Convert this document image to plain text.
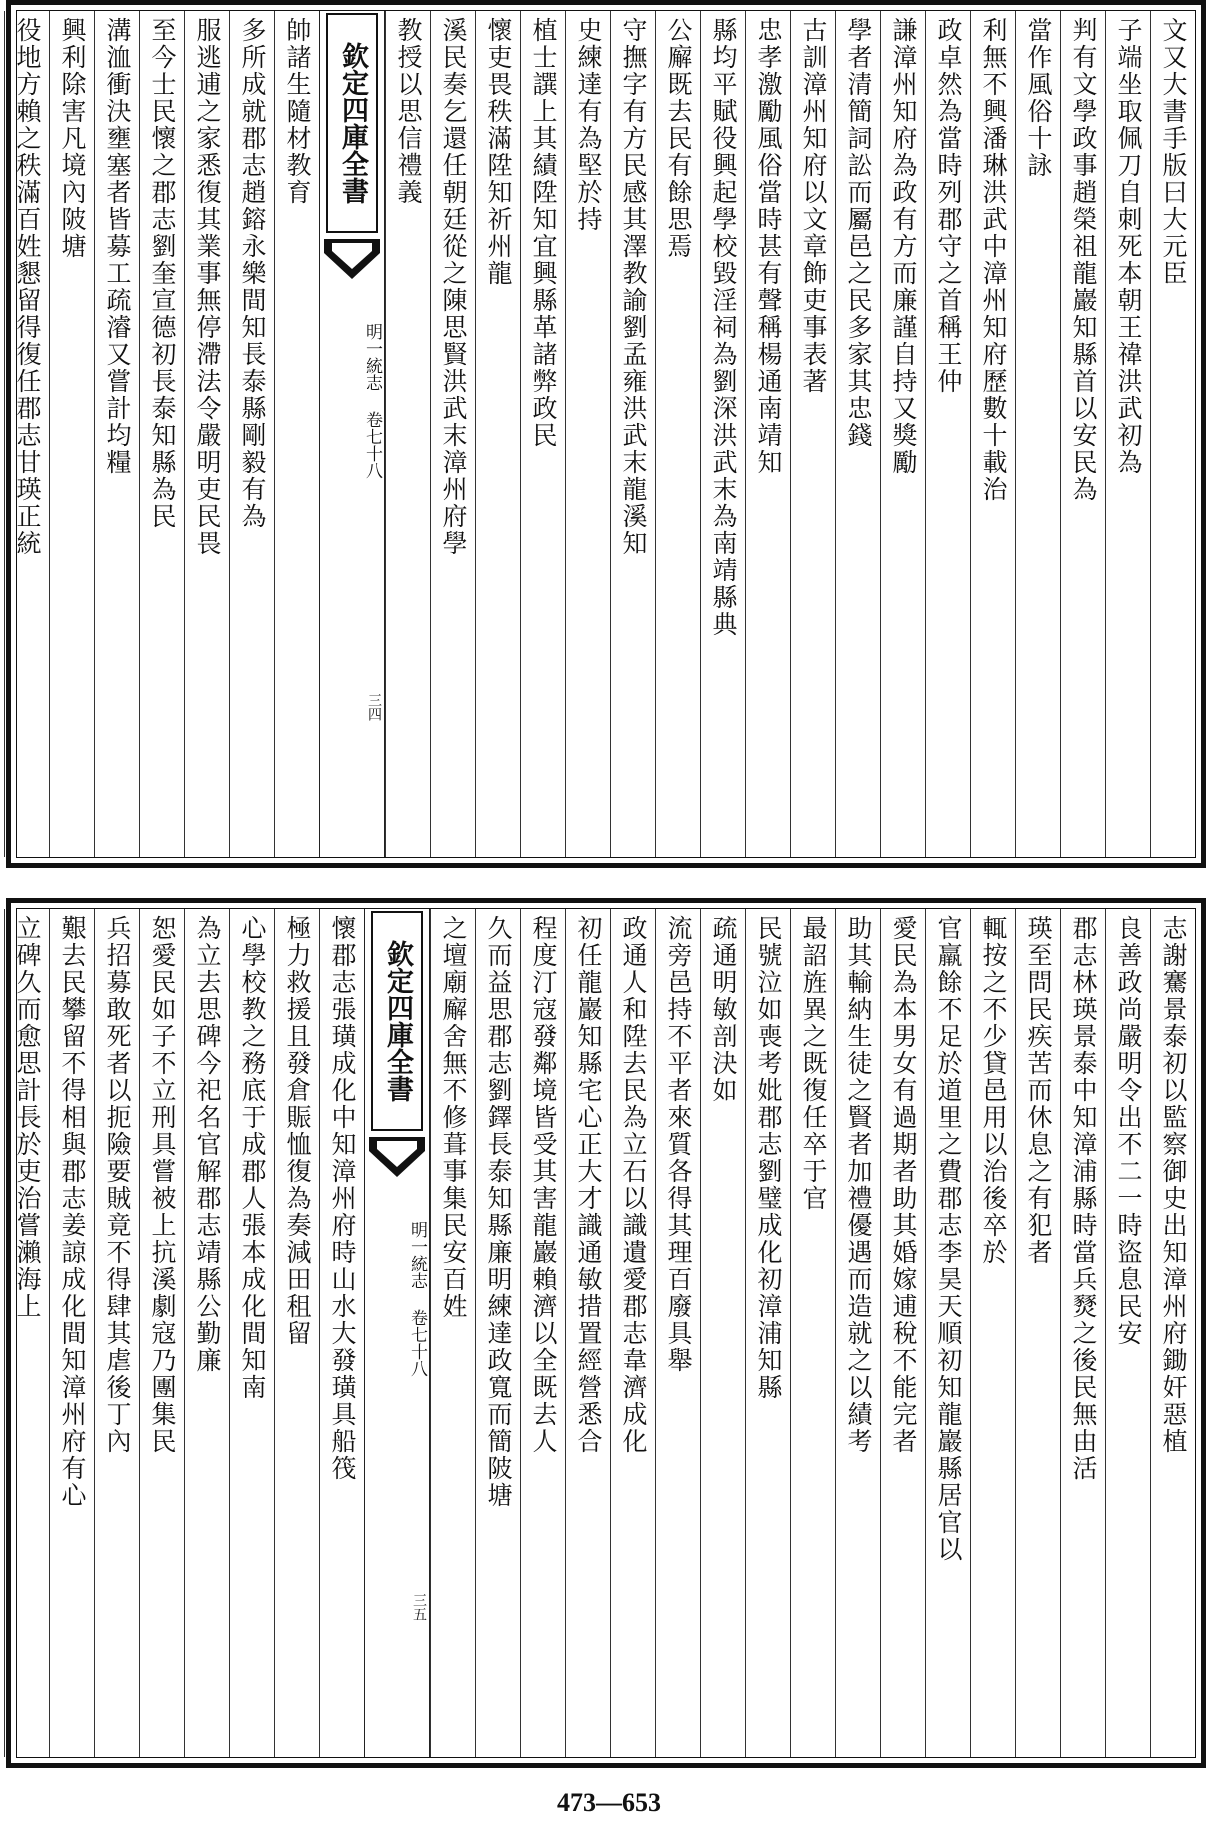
文又大書手版曰大元臣
子端坐取佩刀自刺死本朝王禕洪武初為
判有文學政事趙榮祖龍巖知縣首以安民為
當作風俗十詠
利無不興潘琳洪武中漳州知府歷數十載治
政卓然為當時列郡守之首稱王仲
謙漳州知府為政有方而廉謹自持又獎勵
學者清簡詞訟而屬邑之民多家其忠錢
古訓漳州知府以文章飾吏事表著
忠孝激勵風俗當時甚有聲稱楊通南靖知
縣均平賦役興起學校毀淫祠為劉深洪武末為南靖縣典
公廨既去民有餘思焉
守撫字有方民感其澤教諭劉孟雍洪武末龍溪知
史練達有為堅於持
植士譔上其績陞知宜興縣革諸弊政民
懷吏畏秩滿陞知祈州龍
溪民奏乞還任朝廷從之陳思賢洪武末漳州府學
教授以思信禮義
欽定四庫全書
明一統志 卷七十八
三四
帥諸生隨材教育
多所成就郡志趙鎔永樂間知長泰縣剛毅有為
服逃逋之家悉復其業事無停滯法令嚴明吏民畏
至今士民懷之郡志劉奎宣德初長泰知縣為民
溝洫衝決壅塞者皆募工疏濬又嘗計均糧
興利除害凡境內陂塘
役地方賴之秩滿百姓懇留得復任郡志甘瑛正統
志謝騫景泰初以監察御史出知漳州府鋤奸惡植
良善政尚嚴明令出不二一時盜息民安
郡志林瑛景泰中知漳浦縣時當兵燹之後民無由活
瑛至問民疾苦而休息之有犯者
輒按之不少貸邑用以治後卒於
官羸餘不足於道里之費郡志李昊天順初知龍巖縣居官以
愛民為本男女有過期者助其婚嫁逋稅不能完者
助其輸納生徒之賢者加禮優遇而造就之以績考
最詔旌異之既復任卒于官
民號泣如喪考妣郡志劉璧成化初漳浦知縣
疏通明敏剖決如
流旁邑持不平者來質各得其理百廢具舉
政通人和陞去民為立石以識遺愛郡志韋濟成化
初任龍巖知縣宅心正大才識通敏措置經營悉合
程度汀寇發鄰境皆受其害龍巖賴濟以全既去人
久而益思郡志劉鐸長泰知縣廉明練達政寬而簡陂塘
之壇廟廨舍無不修葺事集民安百姓
欽定四庫全書
明一統志 卷七十八
三五
懷郡志張璜成化中知漳州府時山水大發璜具船筏
極力救援且發倉賑恤復為奏減田租留
心學校教之務底于成郡人張本成化間知南
為立去思碑今祀名官解郡志靖縣公勤廉
恕愛民如子不立刑具嘗被上抗溪劇寇乃團集民
兵招募敢死者以扼險要賊竟不得肆其虐後丁內
艱去民攀留不得相與郡志姜諒成化間知漳州府有心
立碑久而愈思計長於吏治嘗瀨海上
473—653
